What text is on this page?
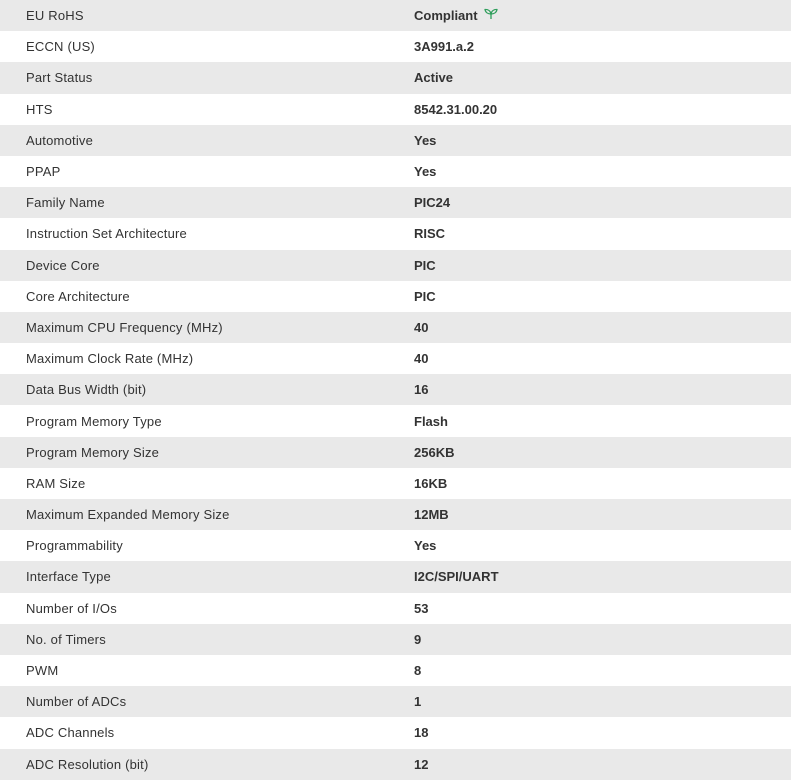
EU RoHS	Compliant
ECCN (US)	3A991.a.2
Part Status	Active
HTS	8542.31.00.20
Automotive	Yes
PPAP	Yes
Family Name	PIC24
Instruction Set Architecture	RISC
Device Core	PIC
Core Architecture	PIC
Maximum CPU Frequency (MHz)	40
Maximum Clock Rate (MHz)	40
Data Bus Width (bit)	16
Program Memory Type	Flash
Program Memory Size	256KB
RAM Size	16KB
Maximum Expanded Memory Size	12MB
Programmability	Yes
Interface Type	I2C/SPI/UART
Number of I/Os	53
No. of Timers	9
PWM	8
Number of ADCs	1
ADC Channels	18
ADC Resolution (bit)	12
